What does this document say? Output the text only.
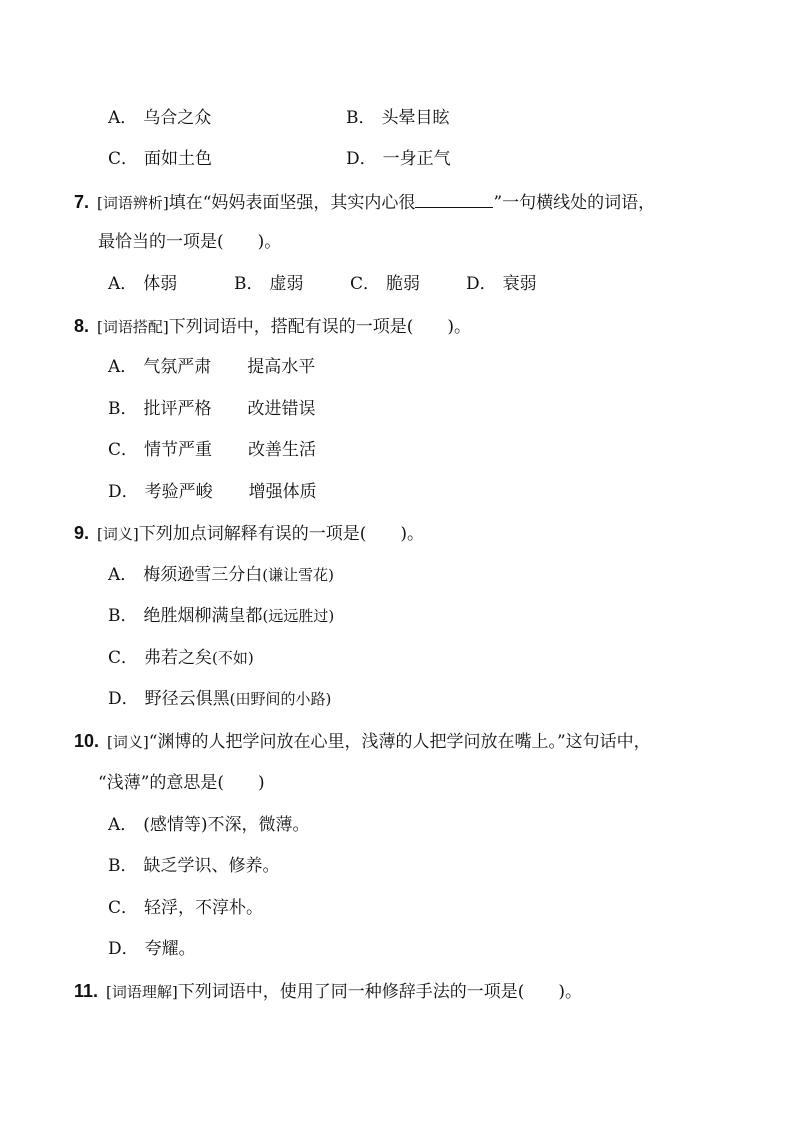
A． 乌合之众	B． 头晕目眩
C． 面如土色	D． 一身正气
7. [词语辨析]填在“妈妈表面坚强，其实内心很	”一句横线处的词语，
最恰当的一项是(　　)。
A． 体弱	B． 虚弱	C． 脆弱	D． 衰弱
8. [词语搭配]下列词语中，搭配有误的一项是(　　)。
A． 气氛严肃 提高水平
B． 批评严格 改进错误
C． 情节严重 改善生活
D． 考验严峻 增强体质
9. [词义]下列加点词解释有误的一项是(　　)。
A． 梅须逊雪三分白(谦让雪花)
B． 绝胜烟柳满皇都(远远胜过)
C． 弗若之矣(不如)
D． 野径云俱黑(田野间的小路)
10. [词义]“渊博的人把学问放在心里，浅薄的人把学问放在嘴上。”这句话中，
“浅薄”的意思是(　　)
A． (感情等)不深，微薄。
B． 缺乏学识、修养。
C． 轻浮，不淳朴。
D． 夸耀。
11. [词语理解]下列词语中，使用了同一种修辞手法的一项是(　　)。
